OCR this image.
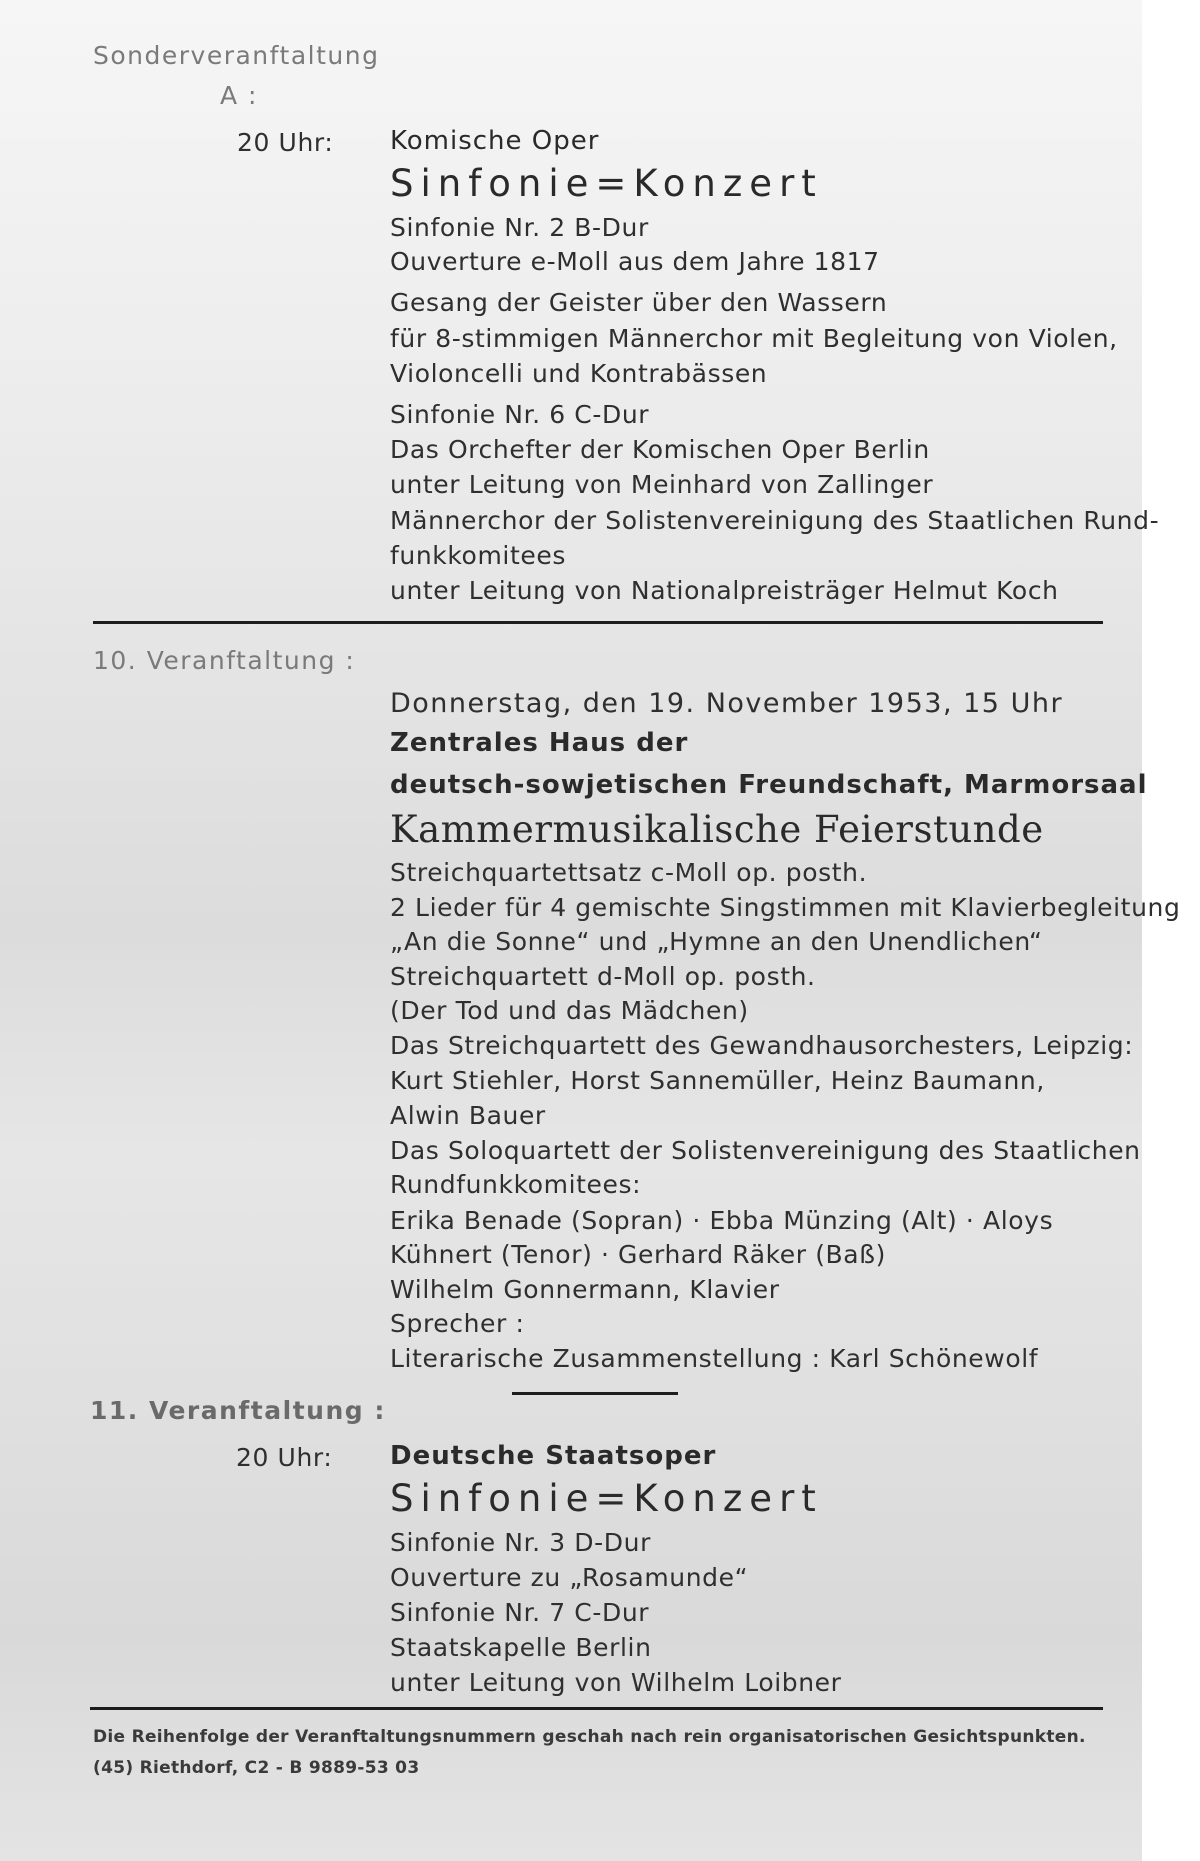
Sonderveranftaltung
A :
20 Uhr: Komische Oper
Sinfonie=Konzert
Sinfonie Nr. 2 B-Dur
Ouverture e-Moll aus dem Jahre 1817
Gesang der Geister über den Wassern
für 8-stimmigen Männerchor mit Begleitung von Violen,
Violoncelli und Kontrabässen
Sinfonie Nr. 6 C-Dur
Das Orchefter der Komischen Oper Berlin
unter Leitung von Meinhard von Zallinger
Männerchor der Solistenvereinigung des Staatlichen Rund-
funkkomitees
unter Leitung von Nationalpreisträger Helmut Koch
10. Veranftaltung :
Donnerstag, den 19. November 1953, 15 Uhr
Zentrales Haus der
deutsch-sowjetischen Freundschaft, Marmorsaal
Kammermusikalische Feierstunde
Streichquartettsatz c-Moll op. posth.
2 Lieder für 4 gemischte Singstimmen mit Klavierbegleitung
„An die Sonne“ und „Hymne an den Unendlichen“
Streichquartett d-Moll op. posth.
(Der Tod und das Mädchen)
Das Streichquartett des Gewandhausorchesters, Leipzig:
Kurt Stiehler, Horst Sannemüller, Heinz Baumann,
Alwin Bauer
Das Soloquartett der Solistenvereinigung des Staatlichen
Rundfunkkomitees:
Erika Benade (Sopran) · Ebba Münzing (Alt) · Aloys
Kühnert (Tenor) · Gerhard Räker (Baß)
Wilhelm Gonnermann, Klavier
Sprecher :
Literarische Zusammenstellung : Karl Schönewolf
11. Veranftaltung :
20 Uhr: Deutsche Staatsoper
Sinfonie=Konzert
Sinfonie Nr. 3 D-Dur
Ouverture zu „Rosamunde“
Sinfonie Nr. 7 C-Dur
Staatskapelle Berlin
unter Leitung von Wilhelm Loibner
Die Reihenfolge der Veranftaltungsnummern geschah nach rein organisatorischen Gesichtspunkten.
(45) Riethdorf, C2 - B 9889-53 03
